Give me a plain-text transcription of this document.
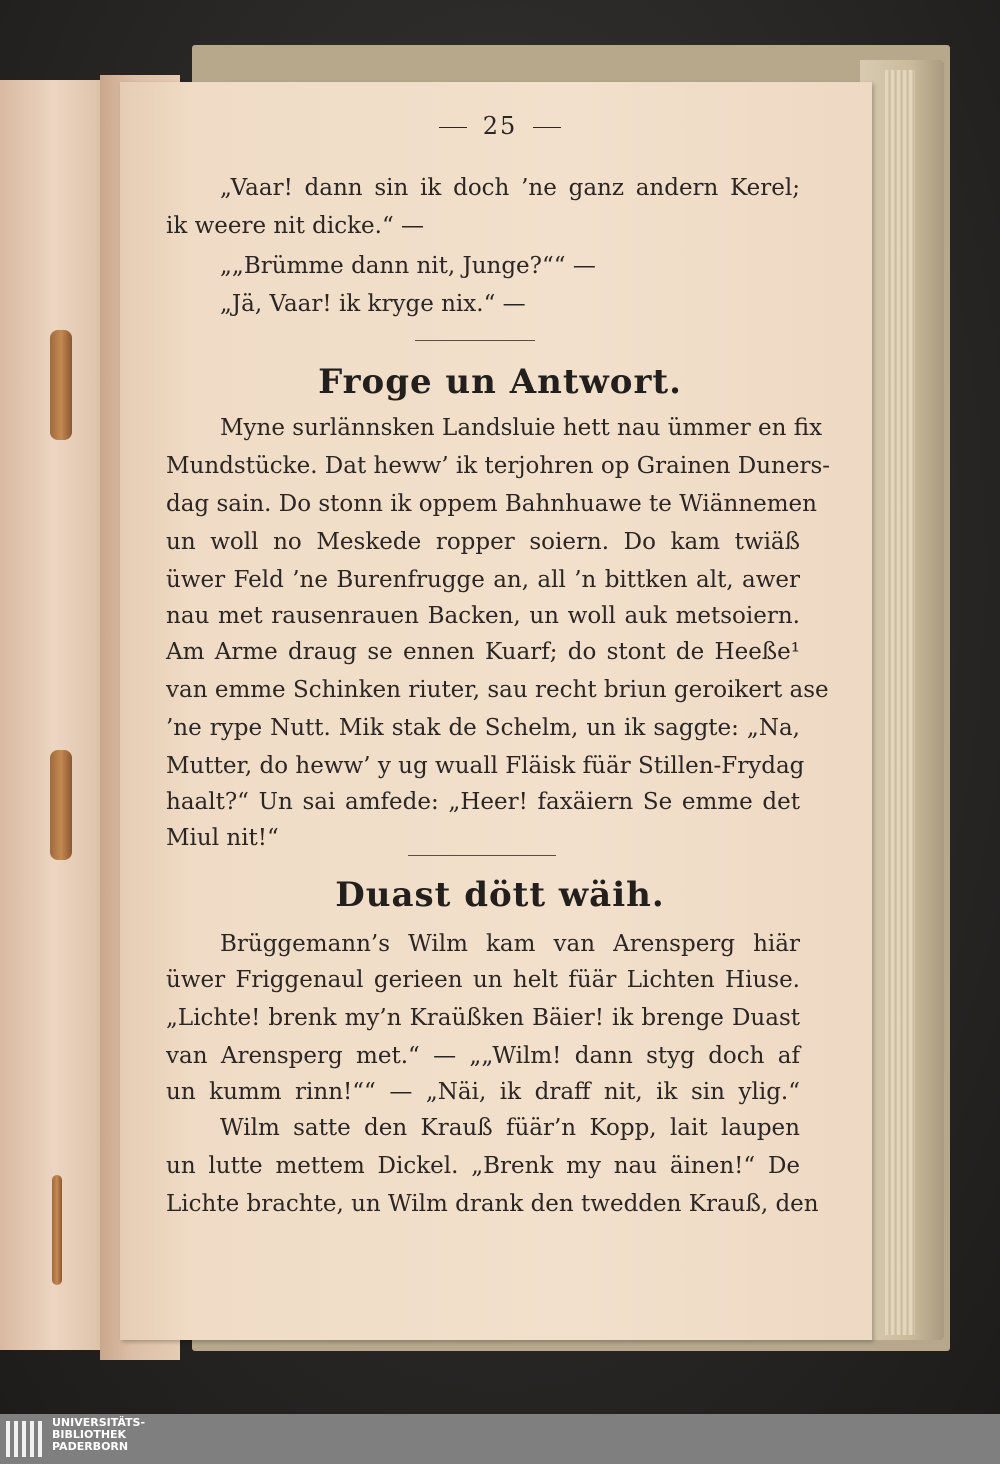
25
„Vaar! dann sin ik doch ’ne ganz andern Kerel;
ik weere nit dicke.“ —
„„Brümme dann nit, Junge?““ —
„Jä, Vaar! ik kryge nix.“ —
Froge un Antwort.
Myne surlännsken Landsluie hett nau ümmer en fix
Mundstücke. Dat heww’ ik terjohren op Grainen Duners-
dag sain. Do stonn ik oppem Bahnhuawe te Wiännemen
un woll no Meskede ropper soiern. Do kam twiäß
üwer Feld ’ne Burenfrugge an, all ’n bittken alt, awer
nau met rausenrauen Backen, un woll auk metsoiern.
Am Arme draug se ennen Kuarf; do stont de Heeße¹
van emme Schinken riuter, sau recht briun geroikert ase
’ne rype Nutt. Mik stak de Schelm, un ik saggte: „Na,
Mutter, do heww’ y ug wuall Fläisk füär Stillen-Frydag
haalt?“ Un sai amfede: „Heer! faxäiern Se emme det
Miul nit!“
Duast dött wäih.
Brüggemann’s Wilm kam van Arensperg hiär
üwer Friggenaul gerieen un helt füär Lichten Hiuse.
„Lichte! brenk my’n Kraüßken Bäier! ik brenge Duast
van Arensperg met.“ — „„Wilm! dann styg doch af
un kumm rinn!““ — „Näi, ik draff nit, ik sin ylig.“
Wilm satte den Krauß füär’n Kopp, lait laupen
un lutte mettem Dickel. „Brenk my nau äinen!“ De
Lichte brachte, un Wilm drank den twedden Krauß, den
UNIVERSITÄTS-
BIBLIOTHEK
PADERBORN
